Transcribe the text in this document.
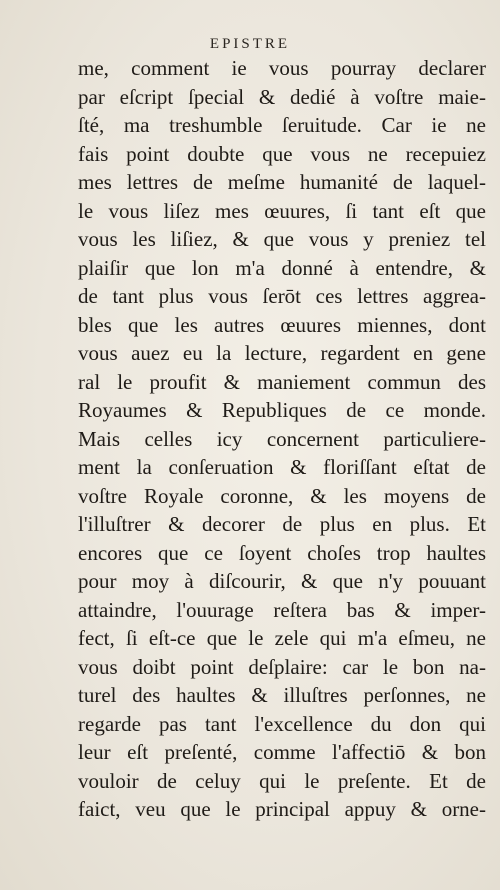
EPISTRE
me, comment ie vous pourray declarer
par eſcript ſpecial & dedié à voſtre maie-
ſté, ma treshumble ſeruitude. Car ie ne
fais point doubte que vous ne recepuiez
mes lettres de meſme humanité de laquel-
le vous liſez mes œuures, ſi tant eſt que
vous les liſiez, & que vous y preniez tel
plaiſir que lon m'a donné à entendre, &
de tant plus vous ſerōt ces lettres aggrea-
bles que les autres œuures miennes, dont
vous auez eu la lecture, regardent en gene
ral le proufit & maniement commun des
Royaumes & Republiques de ce monde.
Mais celles icy concernent particuliere-
ment la conſeruation & floriſſant eſtat de
voſtre Royale coronne, & les moyens de
l'illuſtrer & decorer de plus en plus. Et
encores que ce ſoyent choſes trop haultes
pour moy à diſcourir, & que n'y pouuant
attaindre, l'ouurage reſtera bas & imper-
fect, ſi eſt-ce que le zele qui m'a eſmeu, ne
vous doibt point deſplaire: car le bon na-
turel des haultes & illuſtres perſonnes, ne
regarde pas tant l'excellence du don qui
leur eſt preſenté, comme l'affectiō & bon
vouloir de celuy qui le preſente. Et de
faict, veu que le principal appuy & orne-
